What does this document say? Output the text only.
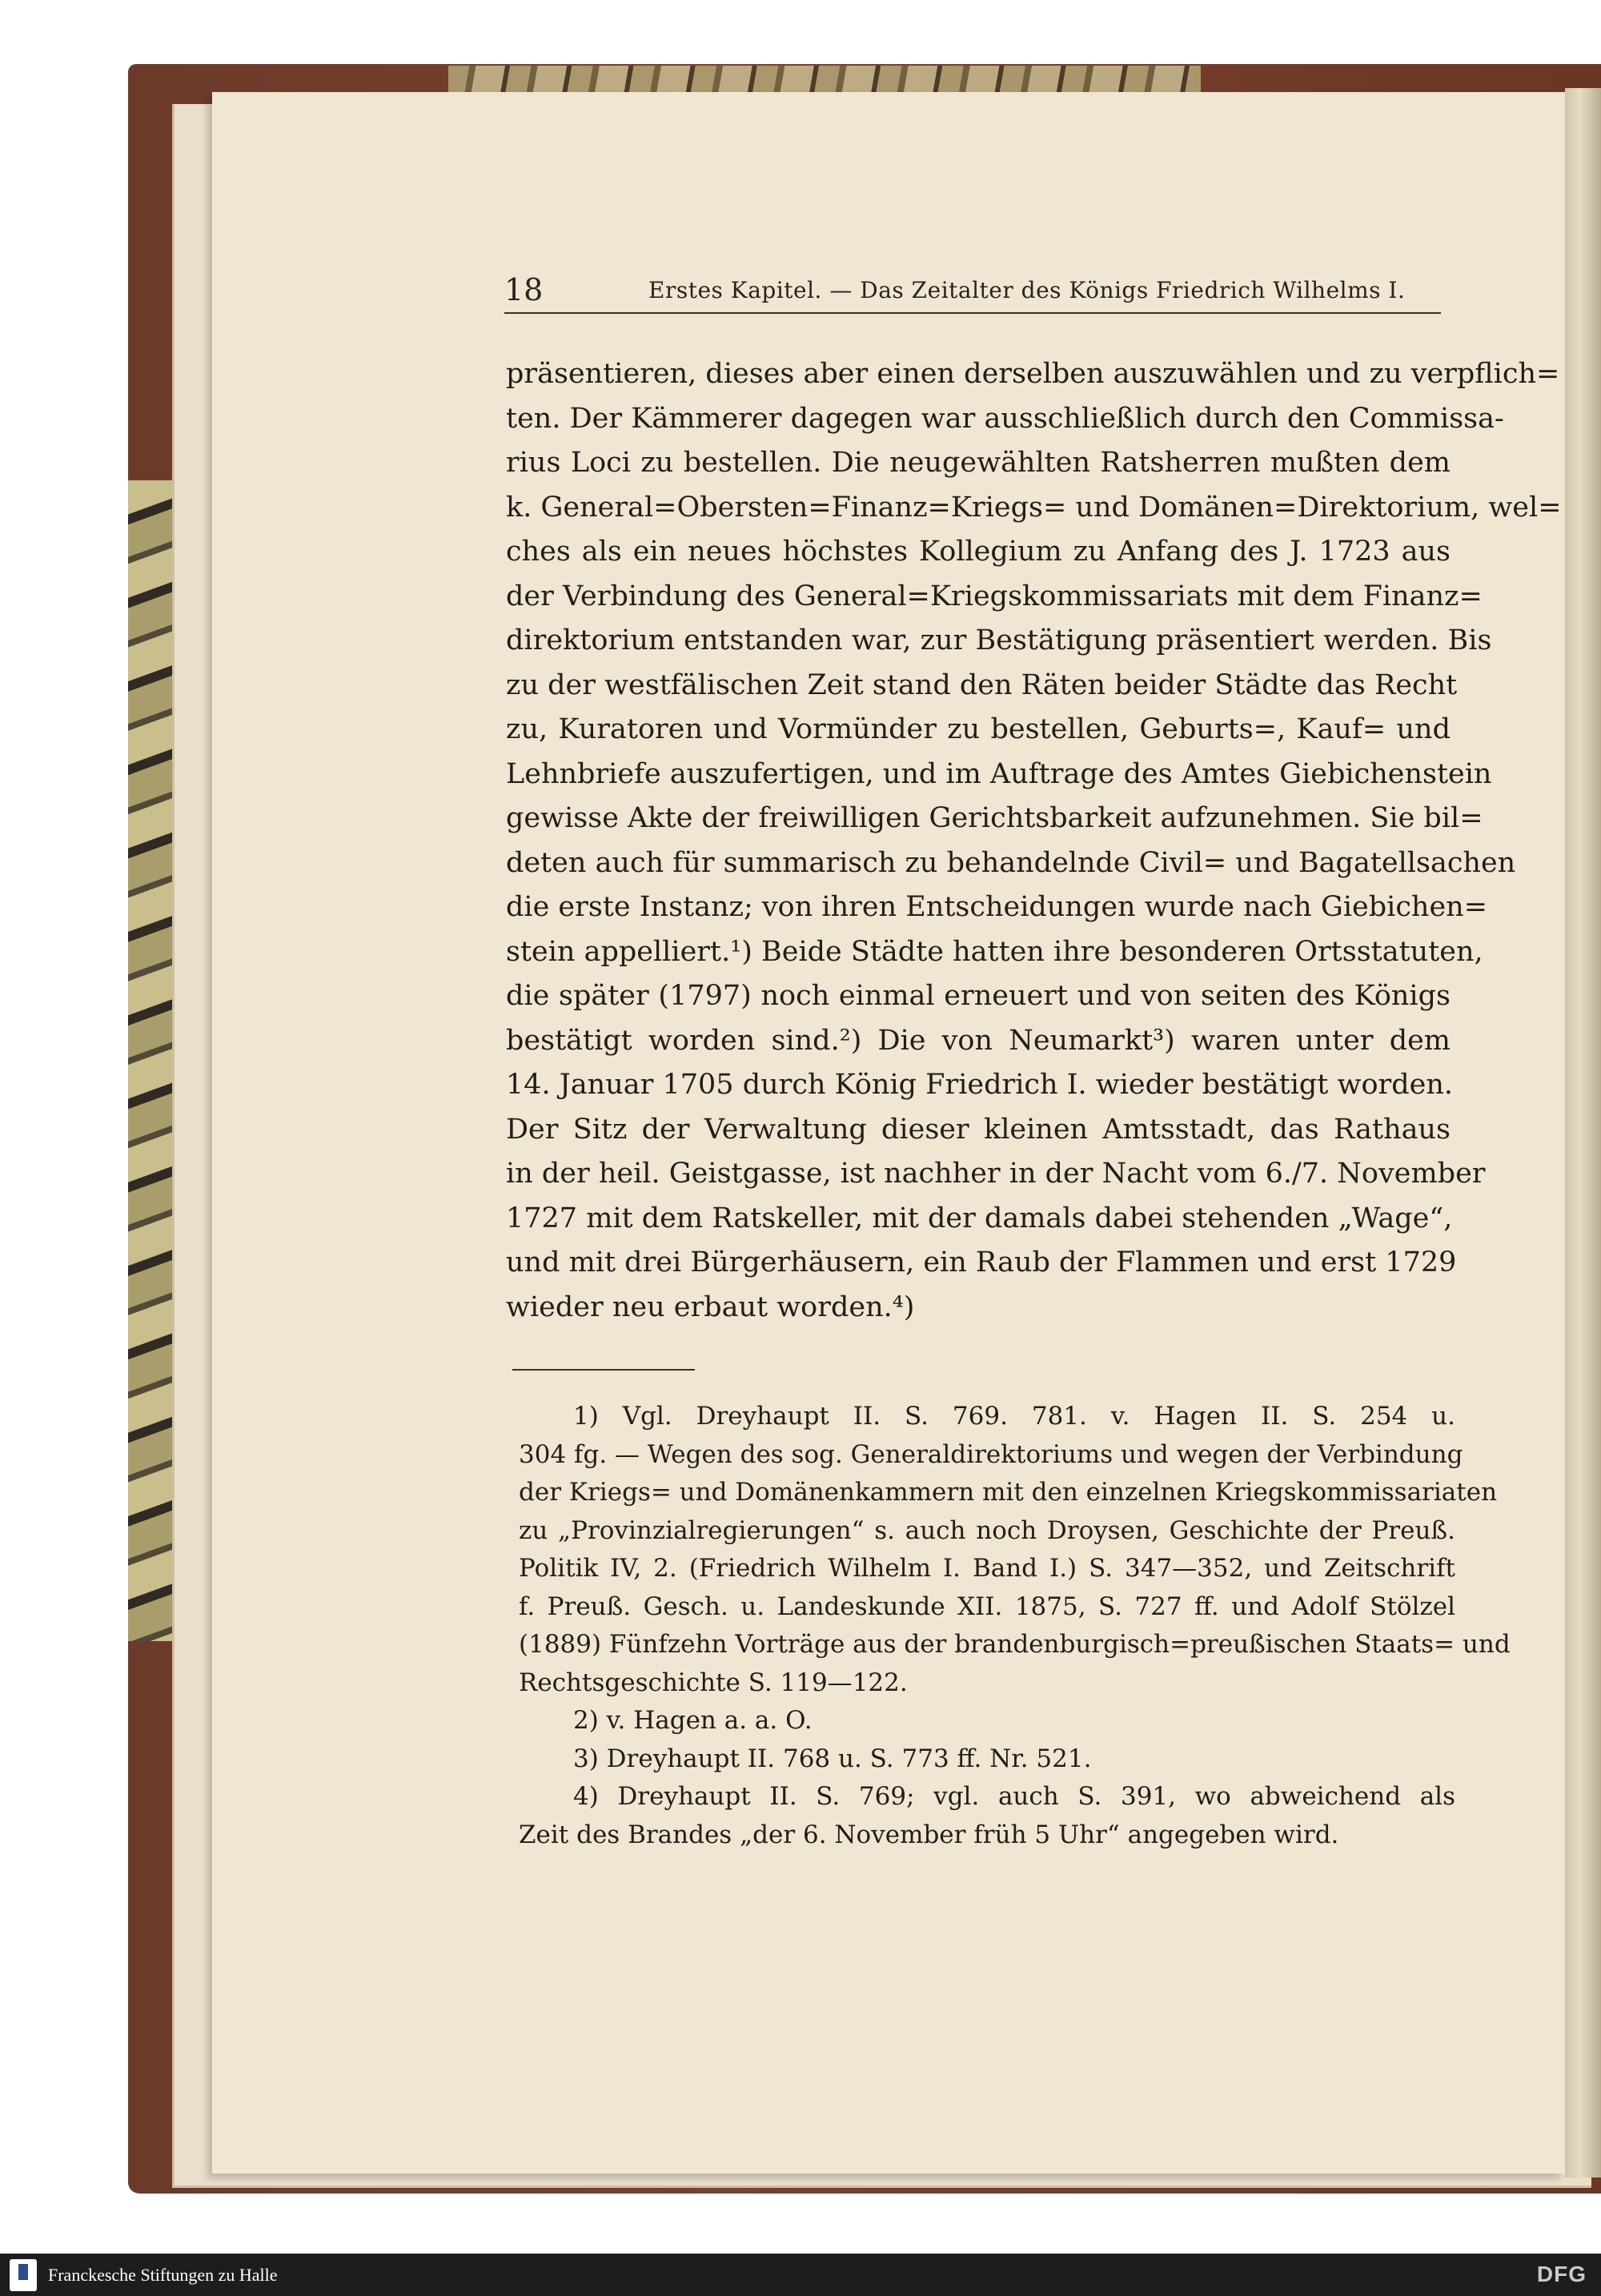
18	Erstes Kapitel. — Das Zeitalter des Königs Friedrich Wilhelms I.
präsentieren, dieses aber einen derselben auszuwählen und zu verpflich=
ten. Der Kämmerer dagegen war ausschließlich durch den Commissa-
rius Loci zu bestellen. Die neugewählten Ratsherren mußten dem
k. General=Obersten=Finanz=Kriegs= und Domänen=Direktorium, wel=
ches als ein neues höchstes Kollegium zu Anfang des J. 1723 aus
der Verbindung des General=Kriegskommissariats mit dem Finanz=
direktorium entstanden war, zur Bestätigung präsentiert werden. Bis
zu der westfälischen Zeit stand den Räten beider Städte das Recht
zu, Kuratoren und Vormünder zu bestellen, Geburts=, Kauf= und
Lehnbriefe auszufertigen, und im Auftrage des Amtes Giebichenstein
gewisse Akte der freiwilligen Gerichtsbarkeit aufzunehmen. Sie bil=
deten auch für summarisch zu behandelnde Civil= und Bagatellsachen
die erste Instanz; von ihren Entscheidungen wurde nach Giebichen=
stein appelliert.¹) Beide Städte hatten ihre besonderen Ortsstatuten,
die später (1797) noch einmal erneuert und von seiten des Königs
bestätigt worden sind.²) Die von Neumarkt³) waren unter dem
14. Januar 1705 durch König Friedrich I. wieder bestätigt worden.
Der Sitz der Verwaltung dieser kleinen Amtsstadt, das Rathaus
in der heil. Geistgasse, ist nachher in der Nacht vom 6./7. November
1727 mit dem Ratskeller, mit der damals dabei stehenden „Wage“,
und mit drei Bürgerhäusern, ein Raub der Flammen und erst 1729
wieder neu erbaut worden.⁴)
1) Vgl. Dreyhaupt II. S. 769. 781. v. Hagen II. S. 254 u.
304 fg. — Wegen des sog. Generaldirektoriums und wegen der Verbindung
der Kriegs= und Domänenkammern mit den einzelnen Kriegskommissariaten
zu „Provinzialregierungen“ s. auch noch Droysen, Geschichte der Preuß.
Politik IV, 2. (Friedrich Wilhelm I. Band I.) S. 347—352, und Zeitschrift
f. Preuß. Gesch. u. Landeskunde XII. 1875, S. 727 ff. und Adolf Stölzel
(1889) Fünfzehn Vorträge aus der brandenburgisch=preußischen Staats= und
Rechtsgeschichte S. 119—122.
2) v. Hagen a. a. O.
3) Dreyhaupt II. 768 u. S. 773 ff. Nr. 521.
4) Dreyhaupt II. S. 769; vgl. auch S. 391, wo abweichend als
Zeit des Brandes „der 6. November früh 5 Uhr“ angegeben wird.
Franckesche Stiftungen zu Halle	DFG
